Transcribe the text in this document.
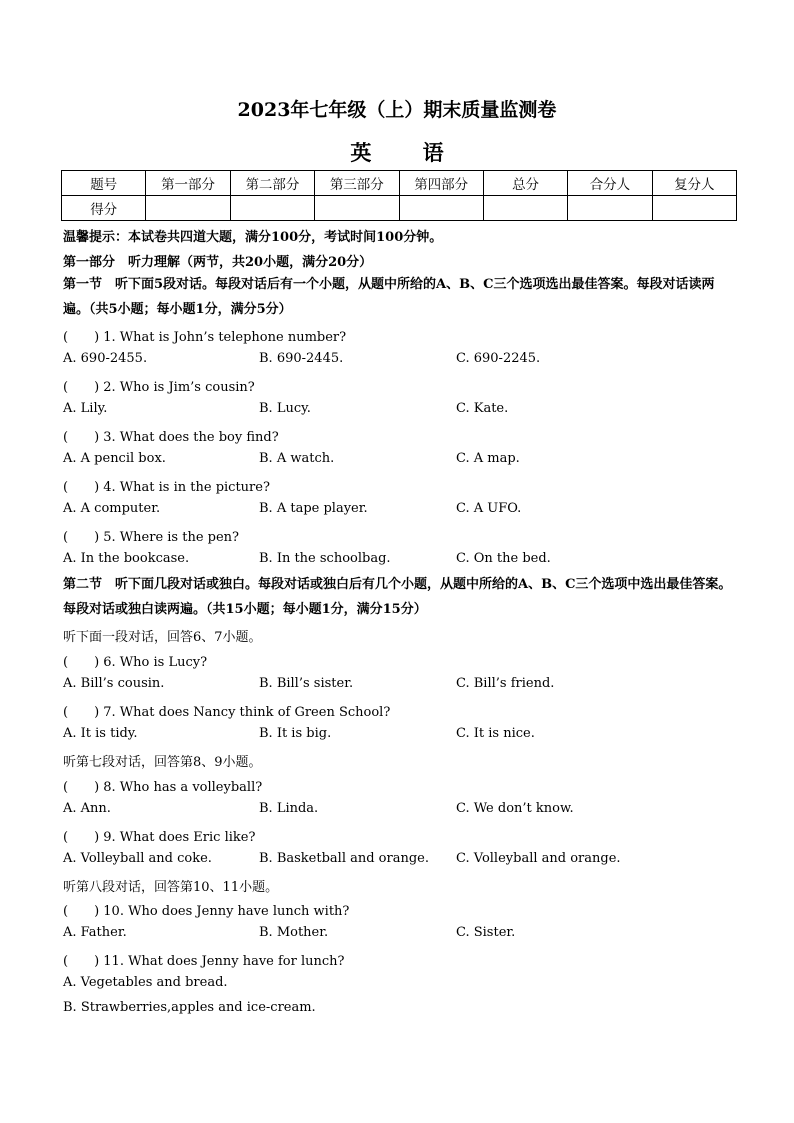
2023年七年级（上）期末质量监测卷
英 语
题号	第一部分	第二部分	第三部分	第四部分	总分	合分人	复分人
得分							
温馨提示：本试卷共四道大题，满分100分，考试时间100分钟。
第一部分　听力理解（两节，共20小题，满分20分）
第一节　听下面5段对话。每段对话后有一个小题，从题中所给的A、B、C三个选项选出最佳答案。每段对话读两遍。（共5小题；每小题1分，满分5分）
(　　) 1. What is John’s telephone number?
A. 690-2455.	B. 690-2445.	C. 690-2245.
(　　) 2. Who is Jim’s cousin?
A. Lily.	B. Lucy.	C. Kate.
(　　) 3. What does the boy find?
A. A pencil box.	B. A watch.	C. A map.
(　　) 4. What is in the picture?
A. A computer.	B. A tape player.	C. A UFO.
(　　) 5. Where is the pen?
A. In the bookcase.	B. In the schoolbag.	C. On the bed.
第二节　听下面几段对话或独白。每段对话或独白后有几个小题，从题中所给的A、B、C三个选项中选出最佳答案。每段对话或独白读两遍。（共15小题；每小题1分，满分15分）
听下面一段对话，回答6、7小题。
(　　) 6. Who is Lucy?
A. Bill’s cousin.	B. Bill’s sister.	C. Bill’s friend.
(　　) 7. What does Nancy think of Green School?
A. It is tidy.	B. It is big.	C. It is nice.
听第七段对话，回答第8、9小题。
(　　) 8. Who has a volleyball?
A. Ann.	B. Linda.	C. We don’t know.
(　　) 9. What does Eric like?
A. Volleyball and coke.	B. Basketball and orange. C. Volleyball and orange.
听第八段对话，回答第10、11小题。
(　　) 10. Who does Jenny have lunch with?
A. Father.	B. Mother.	C. Sister.
(　　) 11. What does Jenny have for lunch?
A. Vegetables and bread.
B. Strawberries,apples and ice-cream.
